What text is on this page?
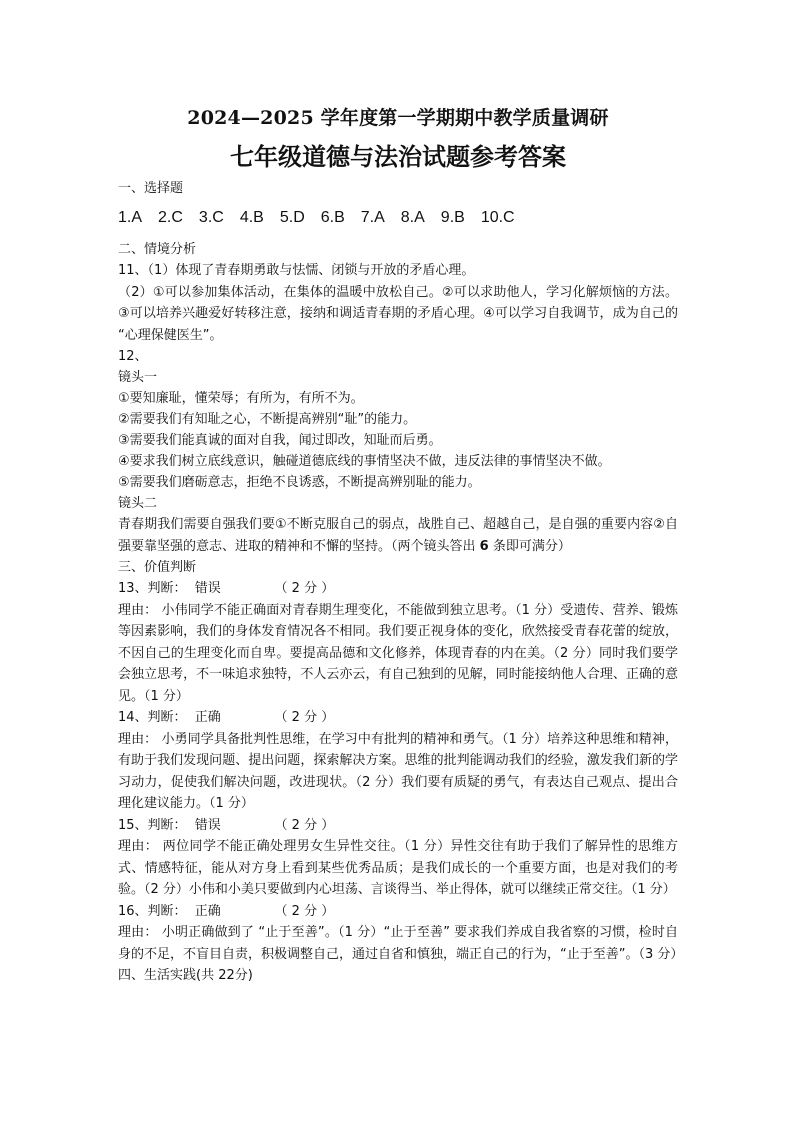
2024—2025 学年度第一学期期中教学质量调研
七年级道德与法治试题参考答案
一、选择题
1.A 2.C 3.C 4.B 5.D 6.B 7.A 8.A 9.B 10.C
二、情境分析
11、（1）体现了青春期勇敢与怯懦、闭锁与开放的矛盾心理。
（2）①可以参加集体活动，在集体的温暖中放松自己。②可以求助他人，学习化解烦恼的方法。③可以培养兴趣爱好转移注意，接纳和调适青春期的矛盾心理。④可以学习自我调节，成为自己的 “心理保健医生”。
12、
镜头一
①要知廉耻，懂荣辱；有所为，有所不为。
②需要我们有知耻之心，不断提高辨别“耻”的能力。
③需要我们能真诚的面对自我，闻过即改，知耻而后勇。
④要求我们树立底线意识，触碰道德底线的事情坚决不做，违反法律的事情坚决不做。
⑤需要我们磨砺意志，拒绝不良诱惑，不断提高辨别耻的能力。
镜头二
青春期我们需要自强我们要①不断克服自己的弱点，战胜自己、超越自己，是自强的重要内容②自强要靠坚强的意志、进取的精神和不懈的坚持。（两个镜头答出 6 条即可满分）
三、价值判断
13、判断：  错误             （ 2 分 ）
理由： 小伟同学不能正确面对青春期生理变化，不能做到独立思考。（1 分）受遗传、营养、锻炼等因素影响，我们的身体发育情况各不相同。我们要正视身体的变化，欣然接受青春花蕾的绽放，不因自己的生理变化而自卑。要提高品德和文化修养，体现青春的内在美。（2 分）同时我们要学会独立思考，不一味追求独特，不人云亦云，有自己独到的见解，同时能接纳他人合理、正确的意见。（1 分）
14、判断：  正确             （ 2 分 ）
理由： 小勇同学具备批判性思维，在学习中有批判的精神和勇气。（1 分）培养这种思维和精神，有助于我们发现问题、提出问题，探索解决方案。思维的批判能调动我们的经验，激发我们新的学习动力，促使我们解决问题，改进现状。（2 分）我们要有质疑的勇气，有表达自己观点、提出合理化建议能力。（1 分）
15、判断：  错误             （ 2 分 ）
理由： 两位同学不能正确处理男女生异性交往。（1 分）异性交往有助于我们了解异性的思维方式、情感特征，能从对方身上看到某些优秀品质；是我们成长的一个重要方面，也是对我们的考验。（2 分）小伟和小美只要做到内心坦荡、言谈得当、举止得体，就可以继续正常交往。（1 分）
16、判断：  正确             （ 2 分 ）
理由： 小明正确做到了 “止于至善”。（1 分）“止于至善” 要求我们养成自我省察的习惯，检时自身的不足，不盲目自责，积极调整自己，通过自省和慎独，端正自己的行为，“止于至善”。（3 分）
四、生活实践(共 22分)
